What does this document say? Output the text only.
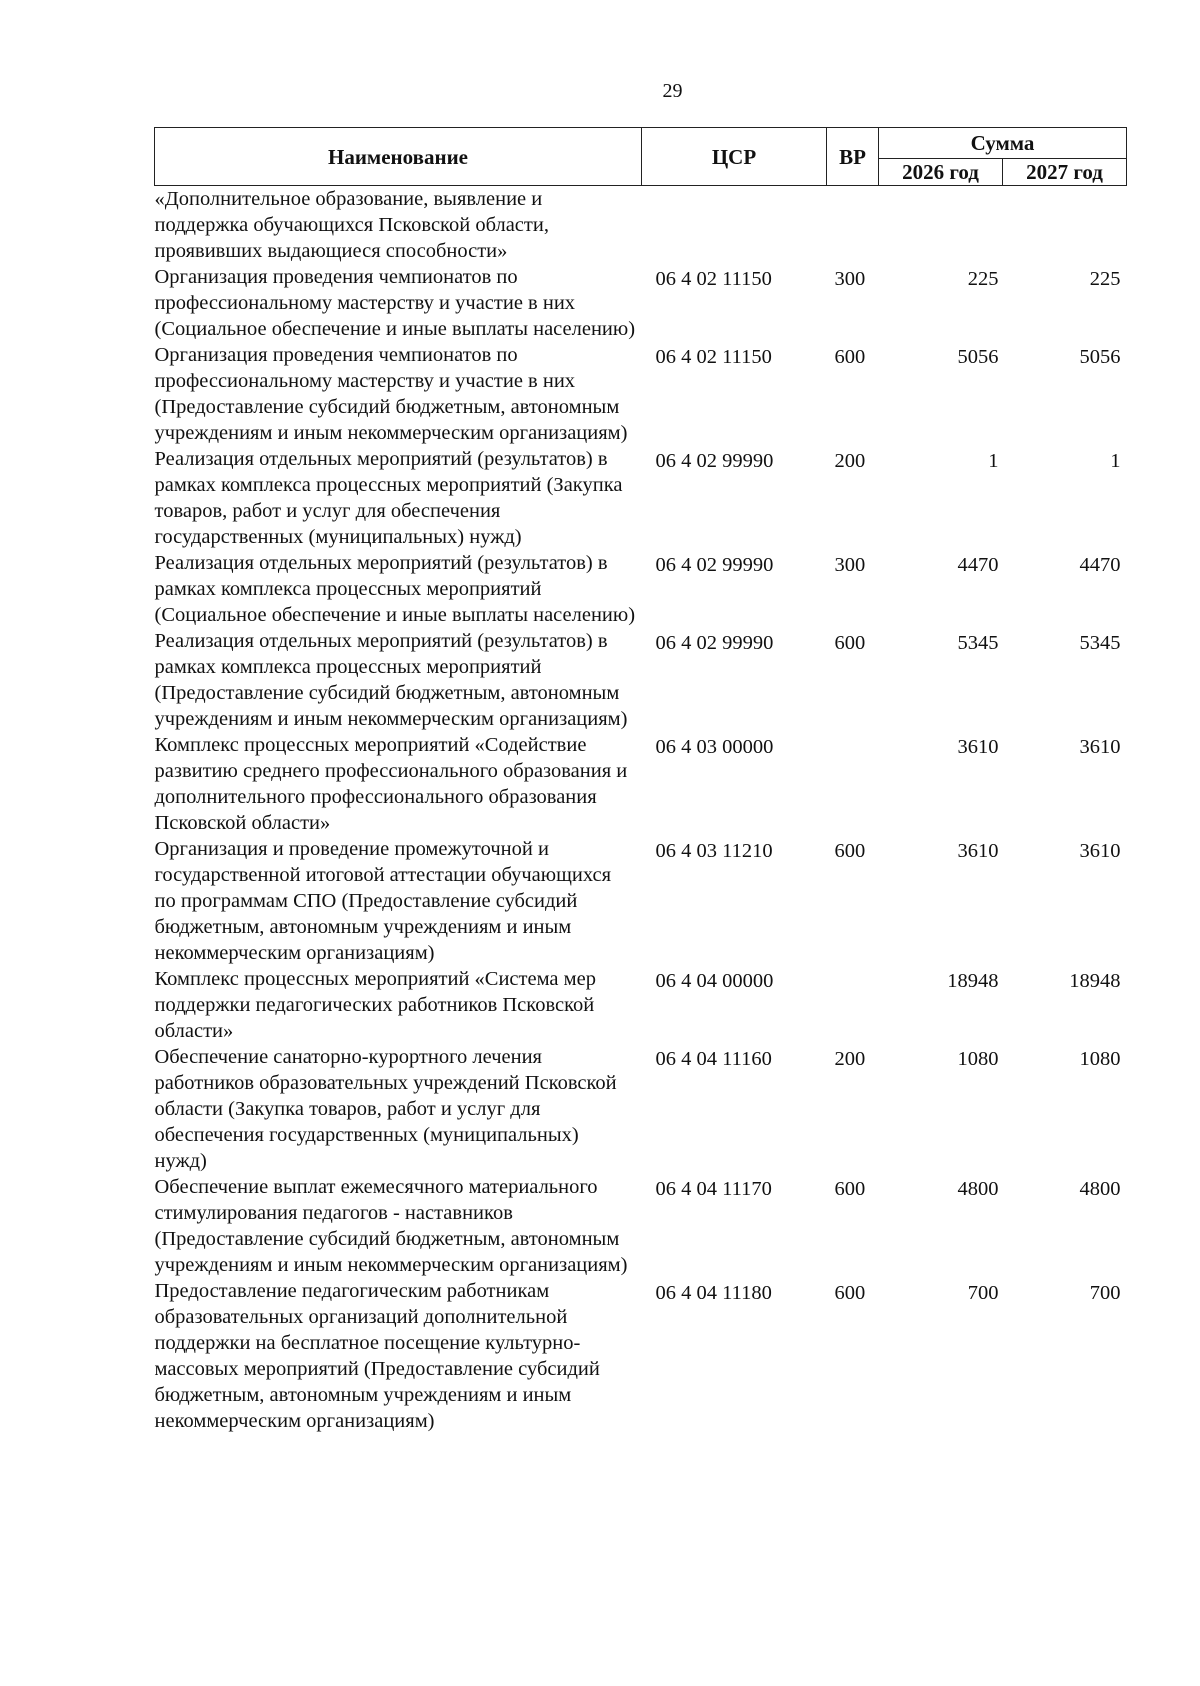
29
Наименование	ЦСР	ВР	Сумма	
			2026 год	2027 год
«Дополнительное образование, выявление и поддержка обучающихся Псковской области, проявивших выдающиеся способности»				
Организация проведения чемпионатов по профессиональному мастерству и участие в них (Социальное обеспечение и иные выплаты населению)	06 4 02 11150	300	225	225
Организация проведения чемпионатов по профессиональному мастерству и участие в них (Предоставление субсидий бюджетным, автономным учреждениям и иным некоммерческим организациям)	06 4 02 11150	600	5056	5056
Реализация отдельных мероприятий (результатов) в рамках комплекса процессных мероприятий (Закупка товаров, работ и услуг для обеспечения государственных (муниципальных) нужд)	06 4 02 99990	200	1	1
Реализация отдельных мероприятий (результатов) в рамках комплекса процессных мероприятий (Социальное обеспечение и иные выплаты населению)	06 4 02 99990	300	4470	4470
Реализация отдельных мероприятий (результатов) в рамках комплекса процессных мероприятий (Предоставление субсидий бюджетным, автономным учреждениям и иным некоммерческим организациям)	06 4 02 99990	600	5345	5345
Комплекс процессных мероприятий «Содействие развитию среднего профессионального образования и дополнительного профессионального образования Псковской области»	06 4 03 00000		3610	3610
Организация и проведение промежуточной и государственной итоговой аттестации обучающихся по программам СПО (Предоставление субсидий бюджетным, автономным учреждениям и иным некоммерческим организациям)	06 4 03 11210	600	3610	3610
Комплекс процессных мероприятий «Система мер поддержки педагогических работников Псковской области»	06 4 04 00000		18948	18948
Обеспечение санаторно-курортного лечения работников образовательных учреждений Псковской области (Закупка товаров, работ и услуг для обеспечения государственных (муниципальных) нужд)	06 4 04 11160	200	1080	1080
Обеспечение выплат ежемесячного материального стимулирования педагогов - наставников (Предоставление субсидий бюджетным, автономным учреждениям и иным некоммерческим организациям)	06 4 04 11170	600	4800	4800
Предоставление педагогическим работникам образовательных организаций дополнительной поддержки на бесплатное посещение культурно-массовых мероприятий (Предоставление субсидий бюджетным, автономным учреждениям и иным некоммерческим организациям)	06 4 04 11180	600	700	700
